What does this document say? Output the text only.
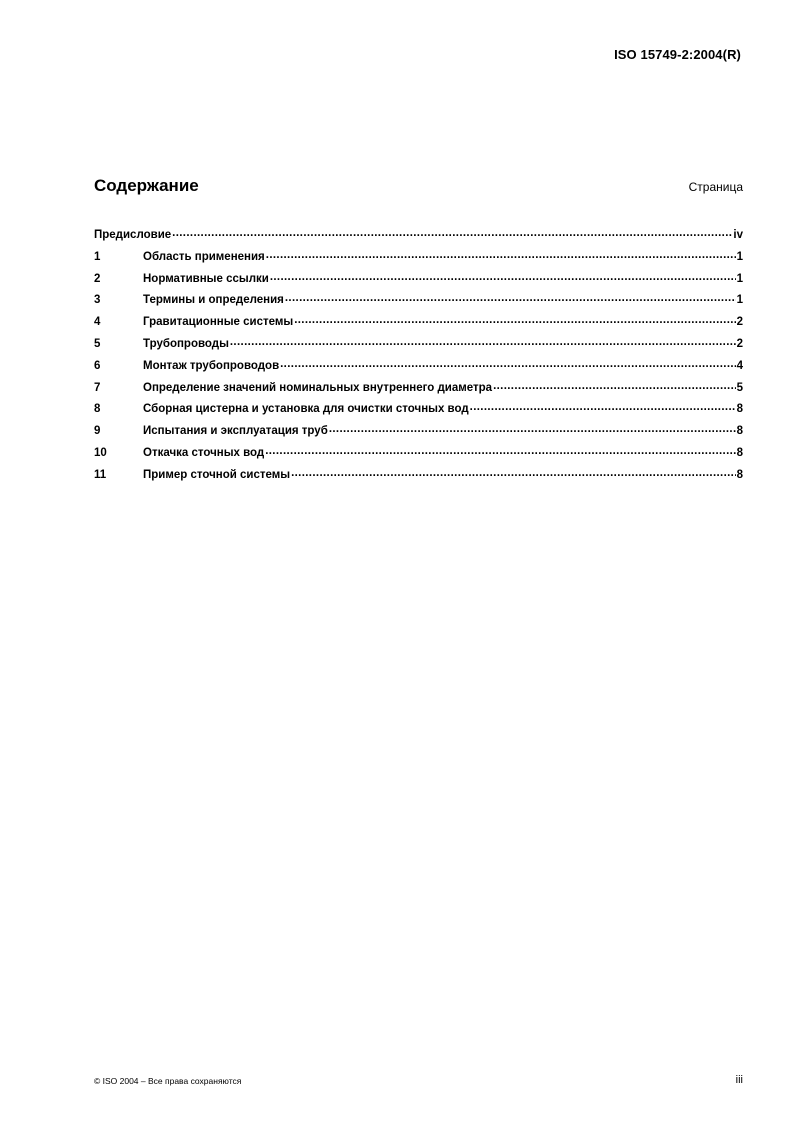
ISO 15749-2:2004(R)
Содержание	Страница
Предисловие .....	iv
1	Область применения .....	1
2	Нормативные ссылки .....	1
3	Термины и определения .....	1
4	Гравитационные системы .....	2
5	Трубопроводы .....	2
6	Монтаж трубопроводов .....	4
7	Определение значений номинальных внутреннего диаметра .....	5
8	Сборная цистерна и установка для очистки сточных вод .....	8
9	Испытания и эксплуатация труб .....	8
10	Откачка сточных вод .....	8
11	Пример сточной системы .....	8
© ISO 2004 – Все права сохраняются	iii
